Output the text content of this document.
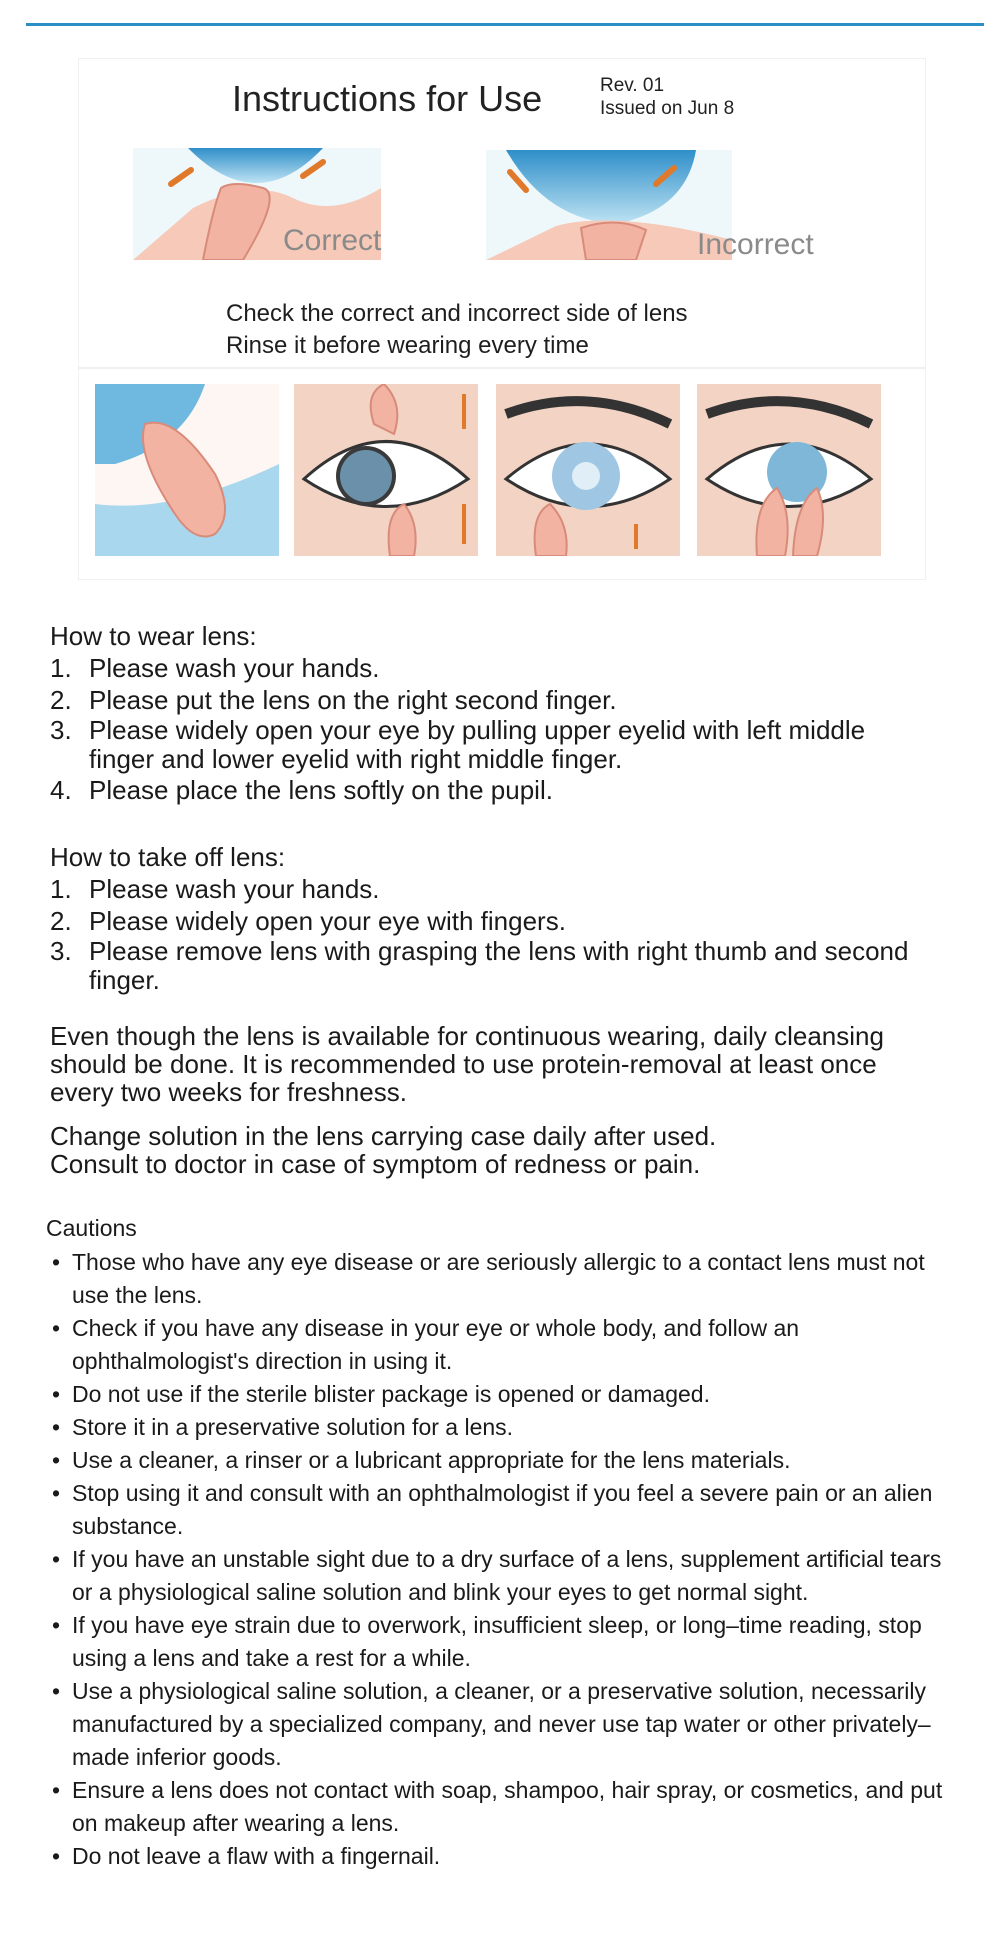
Instructions for Use	Rev. 01
Issued on Jun 8
Correct	Incorrect
Check the correct and incorrect side of lens
Rinse it before wearing every time
How to wear lens:
1. Please wash your hands.
2. Please put the lens on the right second finger.
3. Please widely open your eye by pulling upper eyelid with left middle finger and lower eyelid with right middle finger.
4. Please place the lens softly on the pupil.
How to take off lens:
1. Please wash your hands.
2. Please widely open your eye with fingers.
3. Please remove lens with grasping the lens with right thumb and second finger.
Even though the lens is available for continuous wearing, daily cleansing should be done. It is recommended to use protein-removal at least once every two weeks for freshness.
Change solution in the lens carrying case daily after used.
Consult to doctor in case of symptom of redness or pain.
Cautions
• Those who have any eye disease or are seriously allergic to a contact lens must not use the lens.
• Check if you have any disease in your eye or whole body, and follow an ophthalmologist's direction in using it.
• Do not use if the sterile blister package is opened or damaged.
• Store it in a preservative solution for a lens.
• Use a cleaner, a rinser or a lubricant appropriate for the lens materials.
• Stop using it and consult with an ophthalmologist if you feel a severe pain or an alien substance.
• If you have an unstable sight due to a dry surface of a lens, supplement artificial tears or a physiological saline solution and blink your eyes to get normal sight.
• If you have eye strain due to overwork, insufficient sleep, or long–time reading, stop using a lens and take a rest for a while.
• Use a physiological saline solution, a cleaner, or a preservative solution, necessarily manufactured by a specialized company, and never use tap water or other privately–made inferior goods.
• Ensure a lens does not contact with soap, shampoo, hair spray, or cosmetics, and put on makeup after wearing a lens.
• Do not leave a flaw with a fingernail.
